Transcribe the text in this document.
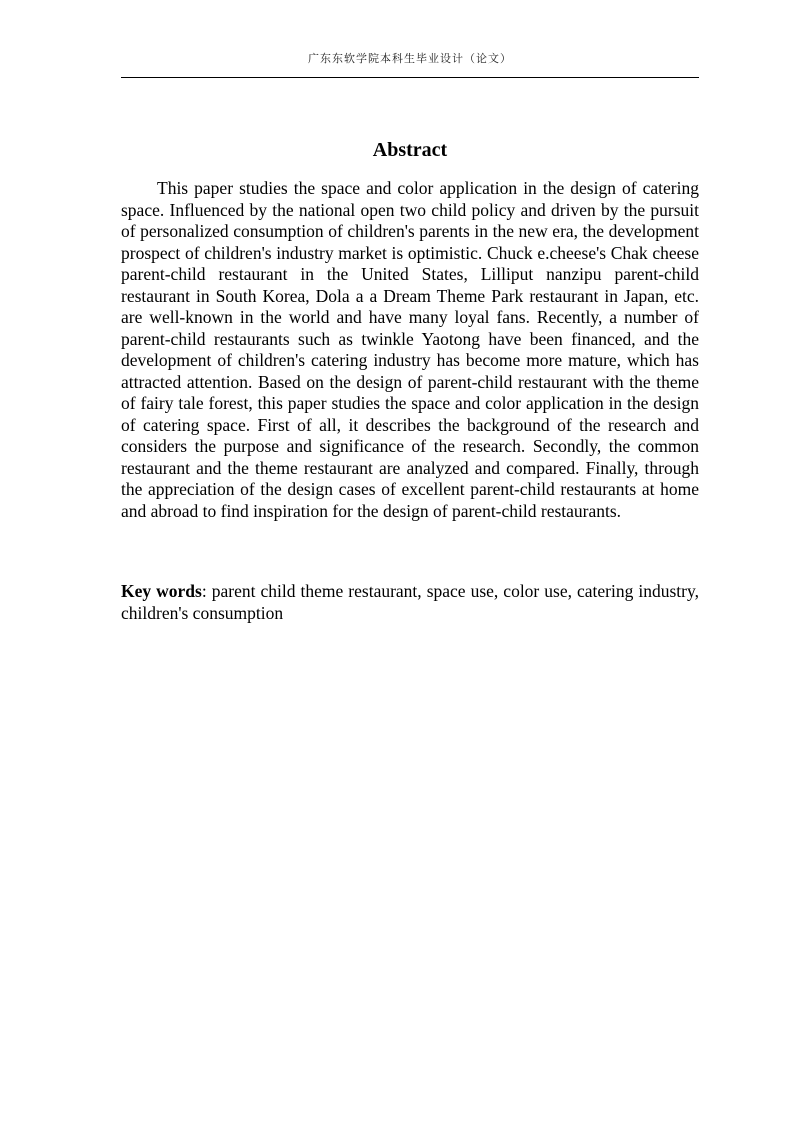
广东东软学院本科生毕业设计（论文）
Abstract

This paper studies the space and color application in the design of catering space. Influenced by the national open two child policy and driven by the pursuit of personalized consumption of children's parents in the new era, the development prospect of children's industry market is optimistic. Chuck e.cheese's Chak cheese parent-child restaurant in the United States, Lilliput nanzipu parent-child restaurant in South Korea, Dola a a Dream Theme Park restaurant in Japan, etc. are well-known in the world and have many loyal fans. Recently, a number of parent-child restaurants such as twinkle Yaotong have been financed, and the development of children's catering industry has become more mature, which has attracted attention. Based on the design of parent-child restaurant with the theme of fairy tale forest, this paper studies the space and color application in the design of catering space. First of all, it describes the background of the research and considers the purpose and significance of the research. Secondly, the common restaurant and the theme restaurant are analyzed and compared. Finally, through the appreciation of the design cases of excellent parent-child restaurants at home and abroad to find inspiration for the design of parent-child restaurants.

Key words: parent child theme restaurant, space use, color use, catering industry, children's consumption
